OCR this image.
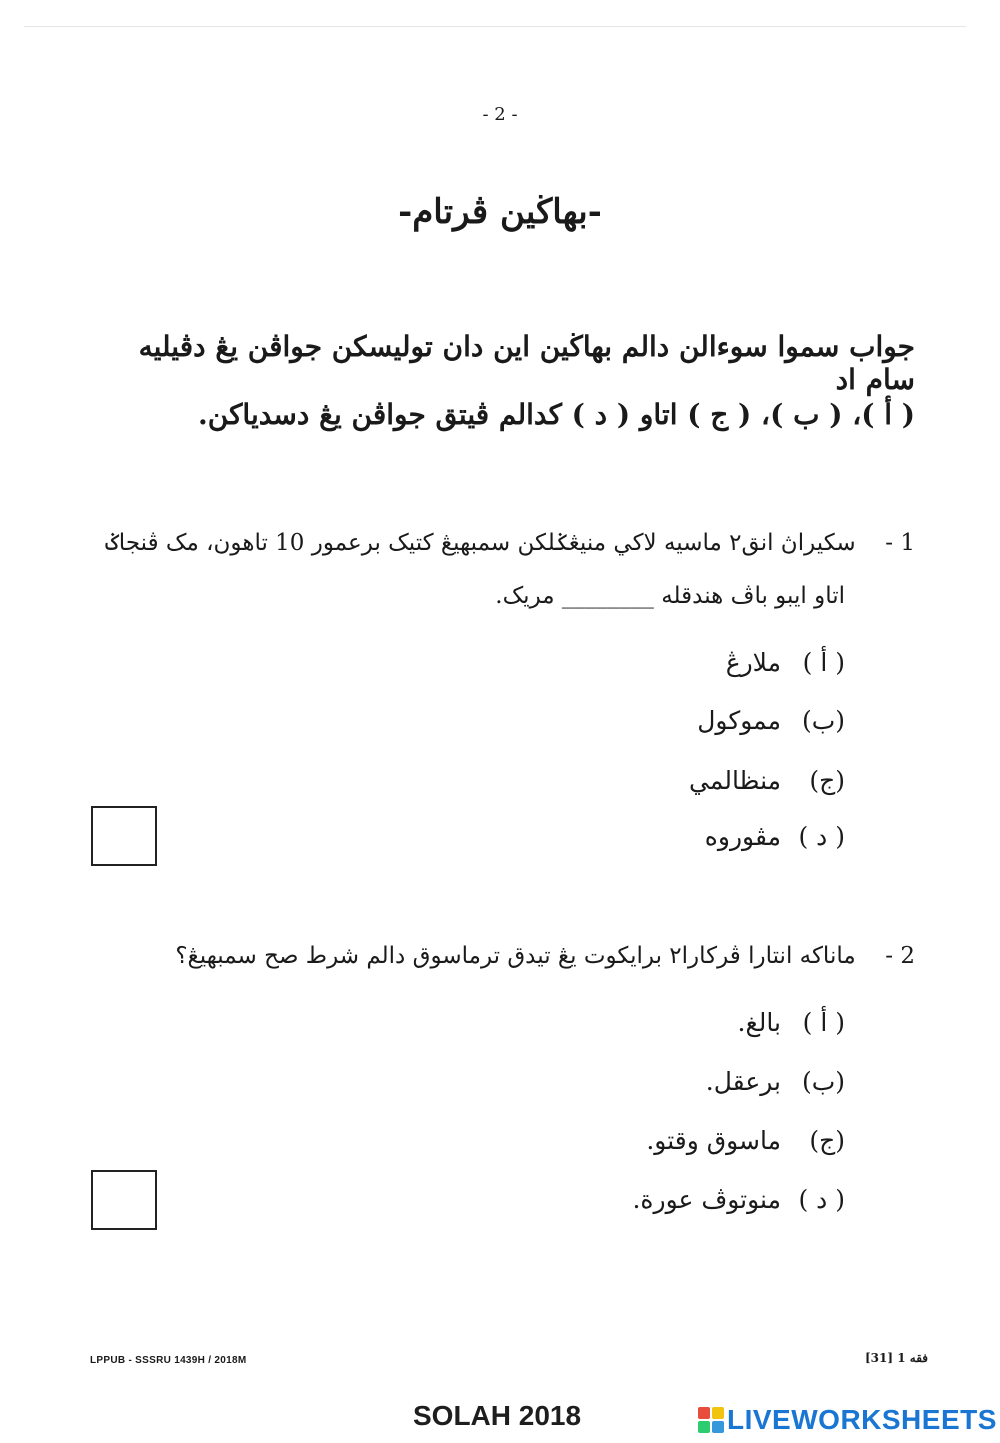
- 2 -
-بهاڬين ڤرتام-
جواب سموا سوءالن دالم بهاڬين اين دان توليسکن جواڤن يڠ دڤيليه سام اد
( أ )، ( ب )، ( ج ) اتاو ( د ) کدالم ڤيتق جواڤن يڠ دسدياکن.
1 - سکيراڽ انق٢ ماسيه لاکي منيڠݢلکن سمبهيڠ کتيک برعمور 10 تاهون، مک ڤنجاݢ
اتاو ايبو باڤ هندقله ________ مريک.
( أ )ملارڠ
(ب)مموکول
(ج)منظالمي
( د )مڤوروه
2 - ماناکه انتارا ڤرکارا٢ برايکوت يڠ تيدق ترماسوق دالم شرط صح سمبهيڠ؟
( أ )بالغ.
(ب)برعقل.
(ج)ماسوق وقتو.
( د )منوتوڤ عورة.
LPPUB - SSSRU 1439H / 2018M	فقه 1 [31]
SOLAH 2018	LIVEWORKSHEETS
